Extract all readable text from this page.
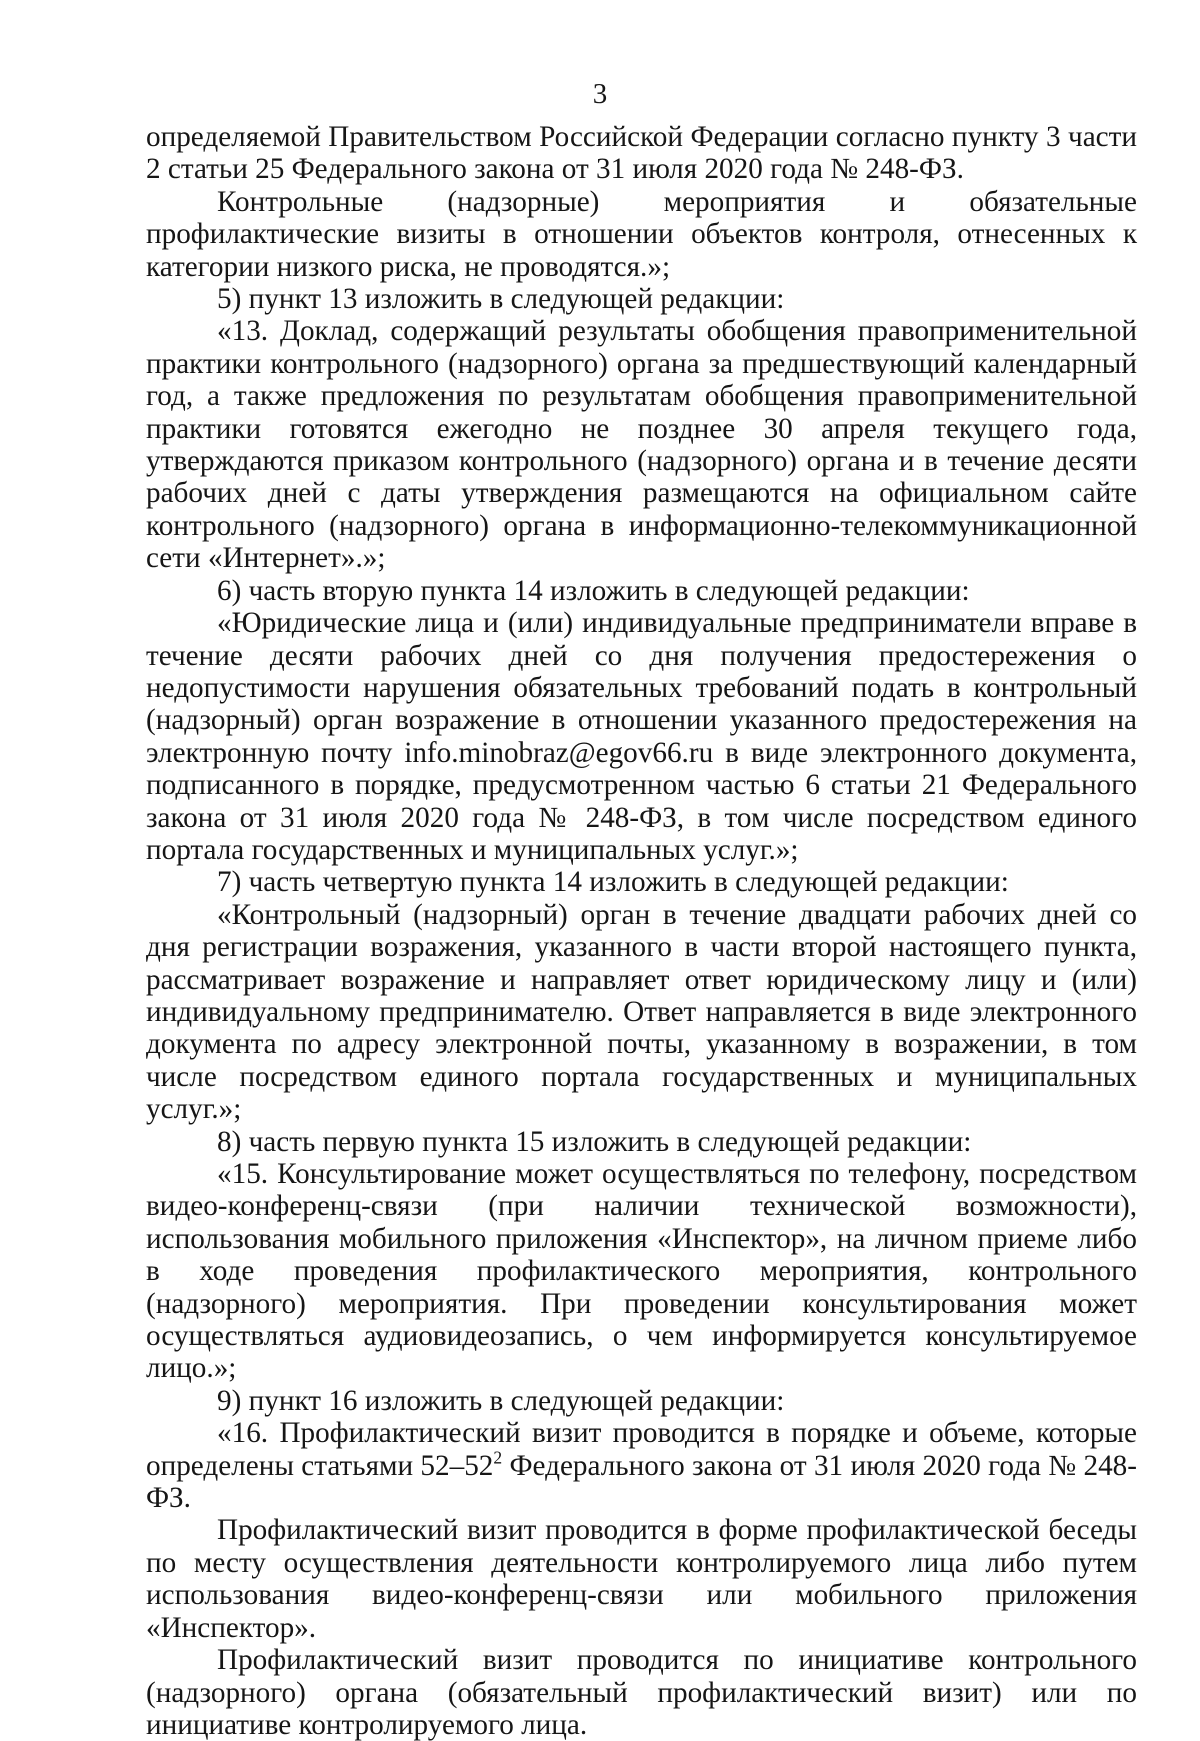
3

определяемой Правительством Российской Федерации согласно пункту 3 части 2 статьи 25 Федерального закона от 31 июля 2020 года № 248-ФЗ.

Контрольные (надзорные) мероприятия и обязательные профилактические визиты в отношении объектов контроля, отнесенных к категории низкого риска, не проводятся.»;

5) пункт 13 изложить в следующей редакции:

«13. Доклад, содержащий результаты обобщения правоприменительной практики контрольного (надзорного) органа за предшествующий календарный год, а также предложения по результатам обобщения правоприменительной практики готовятся ежегодно не позднее 30 апреля текущего года, утверждаются приказом контрольного (надзорного) органа и в течение десяти рабочих дней с даты утверждения размещаются на официальном сайте контрольного (надзорного) органа в информационно-телекоммуникационной сети «Интернет».»;

6) часть вторую пункта 14 изложить в следующей редакции:

«Юридические лица и (или) индивидуальные предприниматели вправе в течение десяти рабочих дней со дня получения предостережения о недопустимости нарушения обязательных требований подать в контрольный (надзорный) орган возражение в отношении указанного предостережения на электронную почту info.minobraz@egov66.ru в виде электронного документа, подписанного в порядке, предусмотренном частью 6 статьи 21 Федерального закона от 31 июля 2020 года № 248-ФЗ, в том числе посредством единого портала государственных и муниципальных услуг.»;

7) часть четвертую пункта 14 изложить в следующей редакции:

«Контрольный (надзорный) орган в течение двадцати рабочих дней со дня регистрации возражения, указанного в части второй настоящего пункта, рассматривает возражение и направляет ответ юридическому лицу и (или) индивидуальному предпринимателю. Ответ направляется в виде электронного документа по адресу электронной почты, указанному в возражении, в том числе посредством единого портала государственных и муниципальных услуг.»;

8) часть первую пункта 15 изложить в следующей редакции:

«15. Консультирование может осуществляться по телефону, посредством видео-конференц-связи (при наличии технической возможности), использования мобильного приложения «Инспектор», на личном приеме либо в ходе проведения профилактического мероприятия, контрольного (надзорного) мероприятия. При проведении консультирования может осуществляться аудиовидеозапись, о чем информируется консультируемое лицо.»;

9) пункт 16 изложить в следующей редакции:

«16. Профилактический визит проводится в порядке и объеме, которые определены статьями $52-52^2$ Федерального закона от 31 июля 2020 года № 248-ФЗ.

Профилактический визит проводится в форме профилактической беседы по месту осуществления деятельности контролируемого лица либо путем использования видео-конференц-связи или мобильного приложения «Инспектор».

Профилактический визит проводится по инициативе контрольного (надзорного) органа (обязательный профилактический визит) или по инициативе контролируемого лица.
